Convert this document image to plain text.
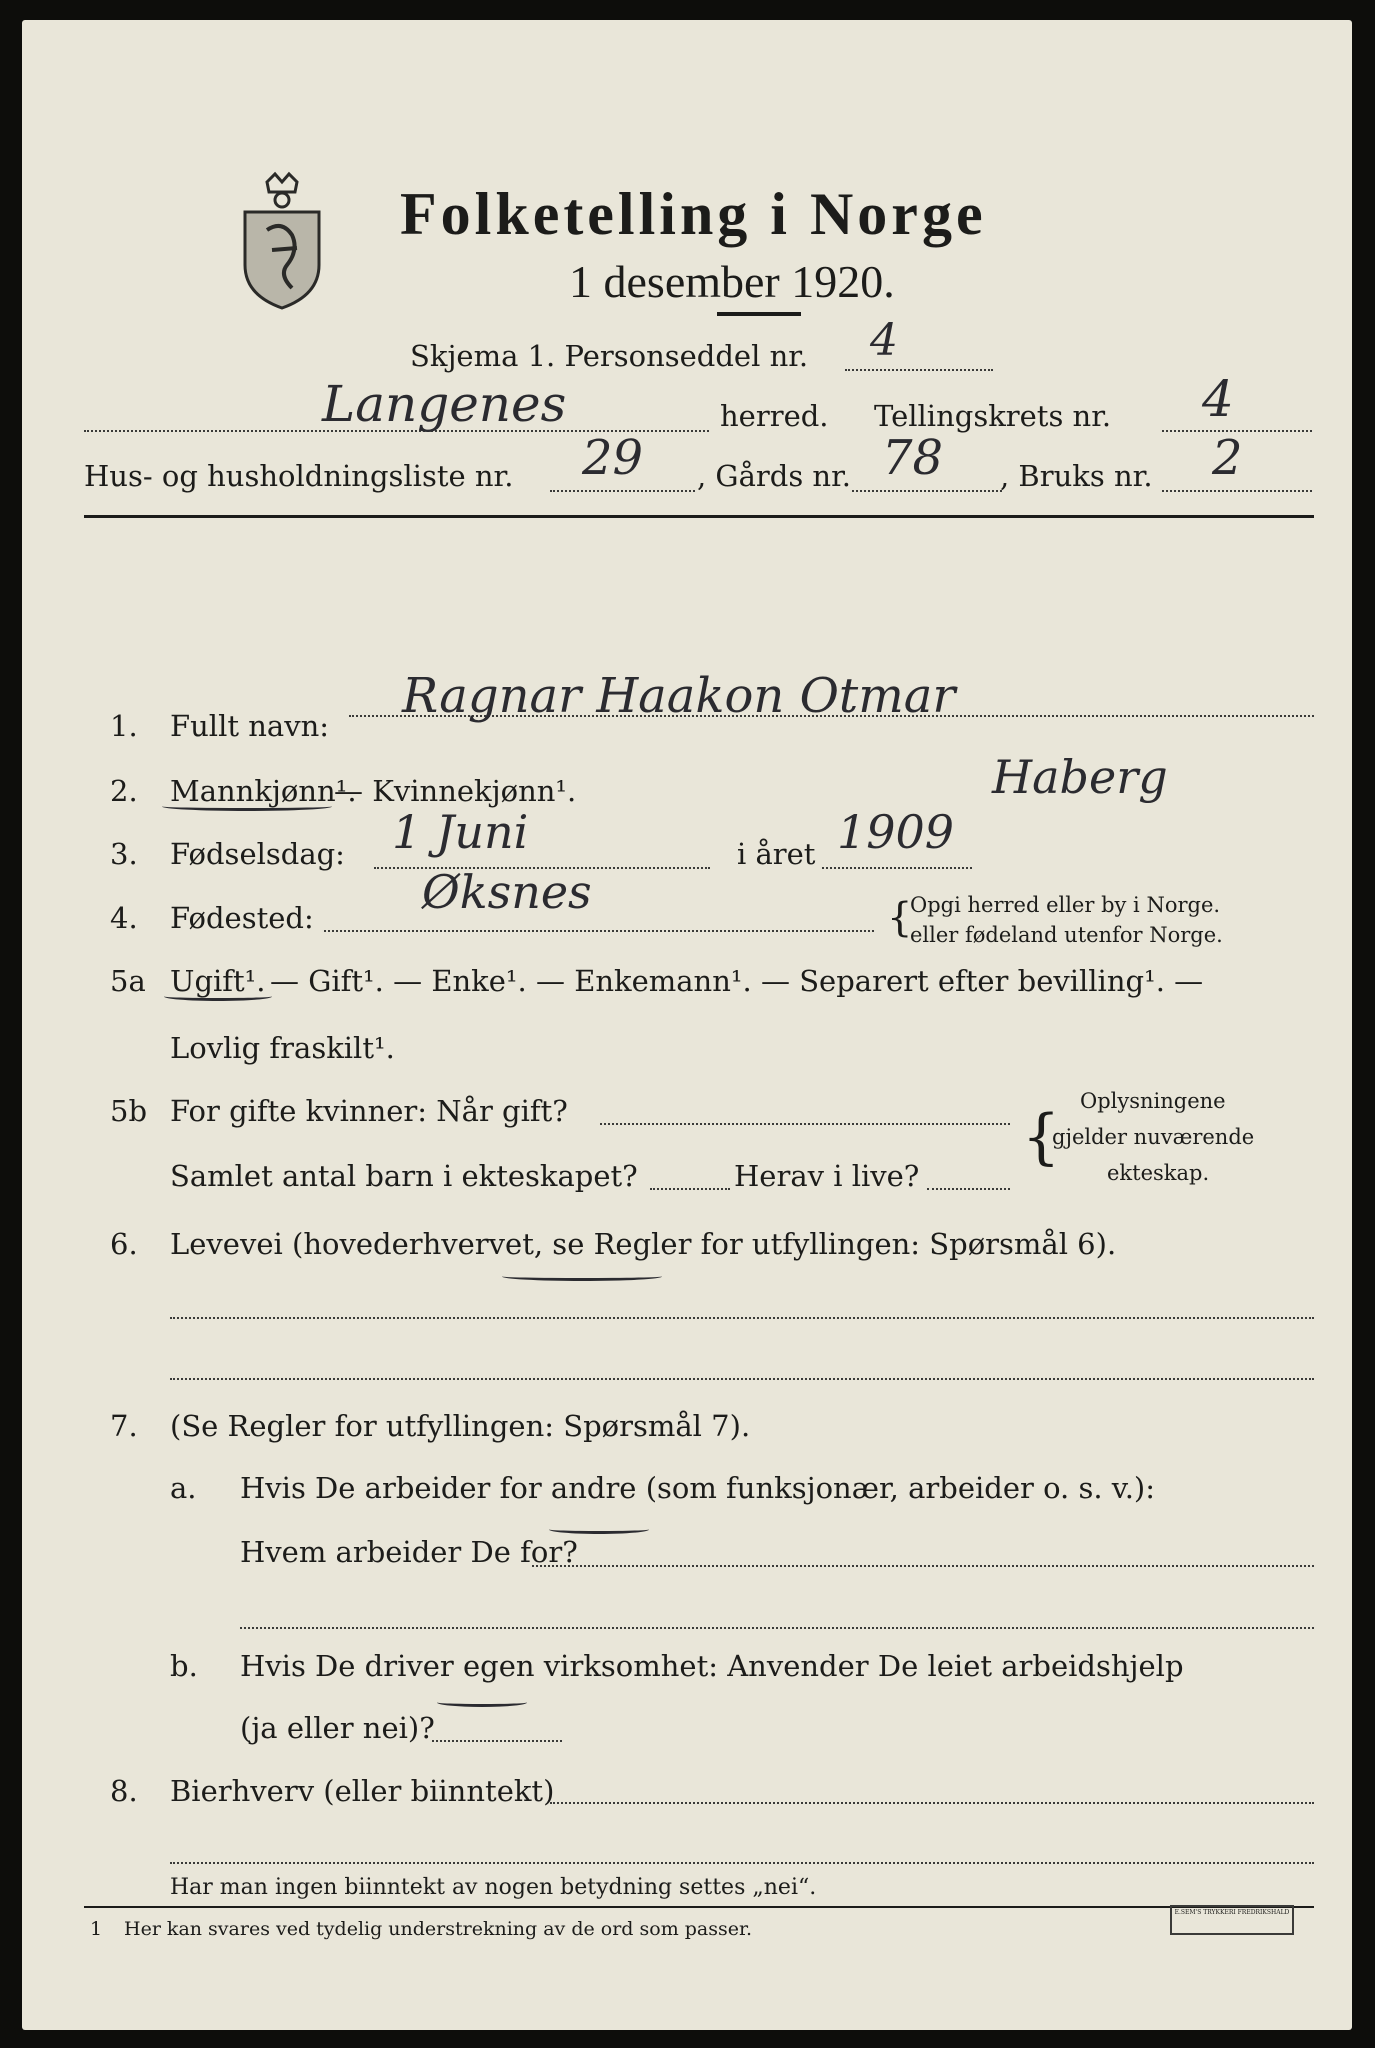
Folketelling i Norge
1 desember 1920.
Skjema 1. Personseddel nr. 4
Langenes	herred. Tellingskrets nr. 4
Hus- og husholdningsliste nr. 29 , Gårds nr. 78 , Bruks nr. 2
1. Fullt navn:
Ragnar Haakon Otmar
Haberg
2. Mannkjønn¹.
— Kvinnekjønn¹.
3. Fødselsdag: 1 Juni	i året 1909
4. Fødested: Øksnes	{
Opgi herred eller by i Norge.
eller fødeland utenfor Norge.
5a Ugift¹. — Gift¹. — Enke¹. — Enkemann¹. — Separert efter bevilling¹. —
Lovlig fraskilt¹.
5b For gifte kvinner: Når gift?
Samlet antal barn i ekteskapet?	Herav i live?
{
Oplysningene
gjelder nuværende
ekteskap.
6. Levevei (hovederhvervet, se Regler for utfyllingen: Spørsmål 6).
7. (Se Regler for utfyllingen: Spørsmål 7).
a. Hvis De arbeider for andre (som funksjonær, arbeider o. s. v.):
Hvem arbeider De for?
b. Hvis De driver egen virksomhet: Anvender De leiet arbeidshjelp
(ja eller nei)?
8. Bierhverv (eller biinntekt)
Har man ingen biinntekt av nogen betydning settes „nei“.
1 Her kan svares ved tydelig understrekning av de ord som passer.
E.SEM'S TRYKKERI FREDRIKSHALD
